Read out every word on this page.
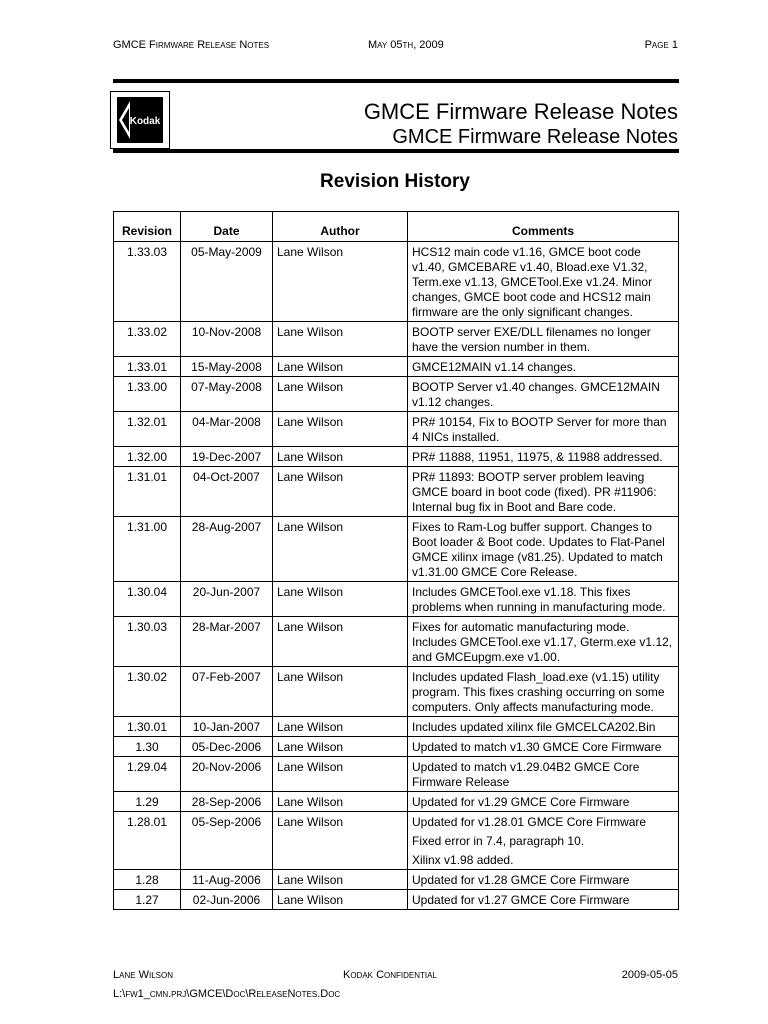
GMCE Firmware Release Notes	May 05th, 2009	Page 1
Kodak	GMCE Firmware Release Notes
GMCE Firmware Release Notes
Revision History
Revision	Date	Author	Comments
1.33.03	05-May-2009	Lane Wilson	HCS12 main code v1.16, GMCE boot code v1.40, GMCEBARE v1.40, Bload.exe V1.32, Term.exe v1.13, GMCETool.Exe v1.24. Minor changes, GMCE boot code and HCS12 main firmware are the only significant changes.

1.33.02	10-Nov-2008	Lane Wilson	BOOTP server EXE/DLL filenames no longer have the version number in them.

1.33.01	15-May-2008	Lane Wilson	GMCE12MAIN v1.14 changes.

1.33.00	07-May-2008	Lane Wilson	BOOTP Server v1.40 changes. GMCE12MAIN v1.12 changes.

1.32.01	04-Mar-2008	Lane Wilson	PR# 10154, Fix to BOOTP Server for more than 4 NICs installed.

1.32.00	19-Dec-2007	Lane Wilson	PR# 11888, 11951, 11975, & 11988 addressed.

1.31.01	04-Oct-2007	Lane Wilson	PR# 11893: BOOTP server problem leaving GMCE board in boot code (fixed). PR #11906: Internal bug fix in Boot and Bare code.

1.31.00	28-Aug-2007	Lane Wilson	Fixes to Ram-Log buffer support. Changes to Boot loader & Boot code. Updates to Flat-Panel GMCE xilinx image (v81.25). Updated to match v1.31.00 GMCE Core Release.

1.30.04	20-Jun-2007	Lane Wilson	Includes GMCETool.exe v1.18. This fixes problems when running in manufacturing mode.

1.30.03	28-Mar-2007	Lane Wilson	Fixes for automatic manufacturing mode. Includes GMCETool.exe v1.17, Gterm.exe v1.12, and GMCEupgm.exe v1.00.

1.30.02	07-Feb-2007	Lane Wilson	Includes updated Flash_load.exe (v1.15) utility program. This fixes crashing occurring on some computers. Only affects manufacturing mode.

1.30.01	10-Jan-2007	Lane Wilson	Includes updated xilinx file GMCELCA202.Bin

1.30	05-Dec-2006	Lane Wilson	Updated to match v1.30 GMCE Core Firmware

1.29.04	20-Nov-2006	Lane Wilson	Updated to match v1.29.04B2 GMCE Core Firmware Release

1.29	28-Sep-2006	Lane Wilson	Updated for v1.29 GMCE Core Firmware

1.28.01	05-Sep-2006	Lane Wilson	Updated for v1.28.01 GMCE Core Firmware
Fixed error in 7.4, paragraph 10.
Xilinx v1.98 added.

1.28	11-Aug-2006	Lane Wilson	Updated for v1.28 GMCE Core Firmware

1.27	02-Jun-2006	Lane Wilson	Updated for v1.27 GMCE Core Firmware
Lane Wilson	Kodak Confidential	2009-05-05
L:\fw1_cmn.prj\GMCE\Doc\ReleaseNotes.Doc
